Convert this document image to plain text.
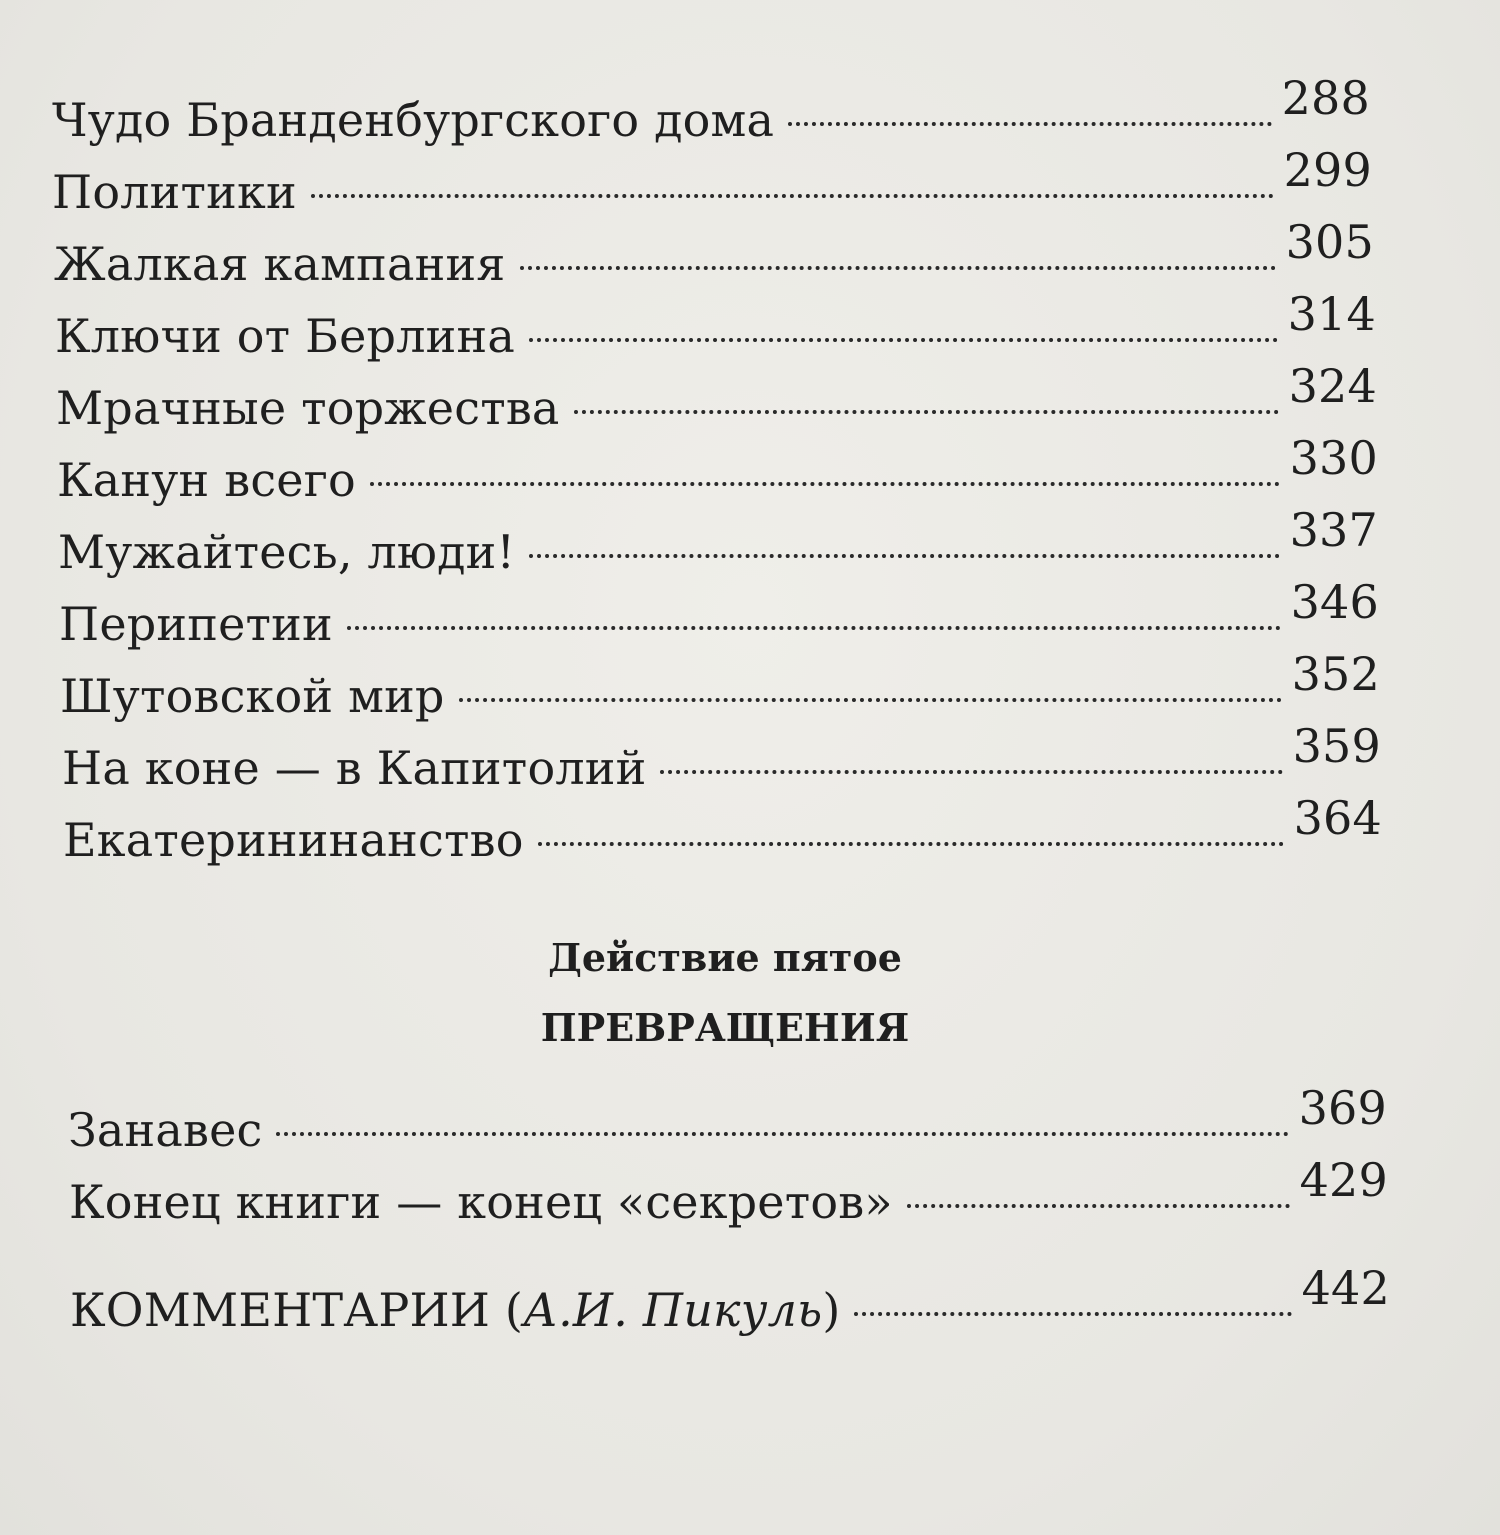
Чудо Бранденбургского дома	288
Политики	299
Жалкая кампания	305
Ключи от Берлина	314
Мрачные торжества	324
Канун всего	330
Мужайтесь, люди!	337
Перипетии	346
Шутовской мир	352
На коне — в Капитолий	359
Екатерининанство	364
Действие пятое
ПРЕВРАЩЕНИЯ
Занавес	369
Конец книги — конец «секретов»	429
КОММЕНТАРИИ (А.И. Пикуль)	442
